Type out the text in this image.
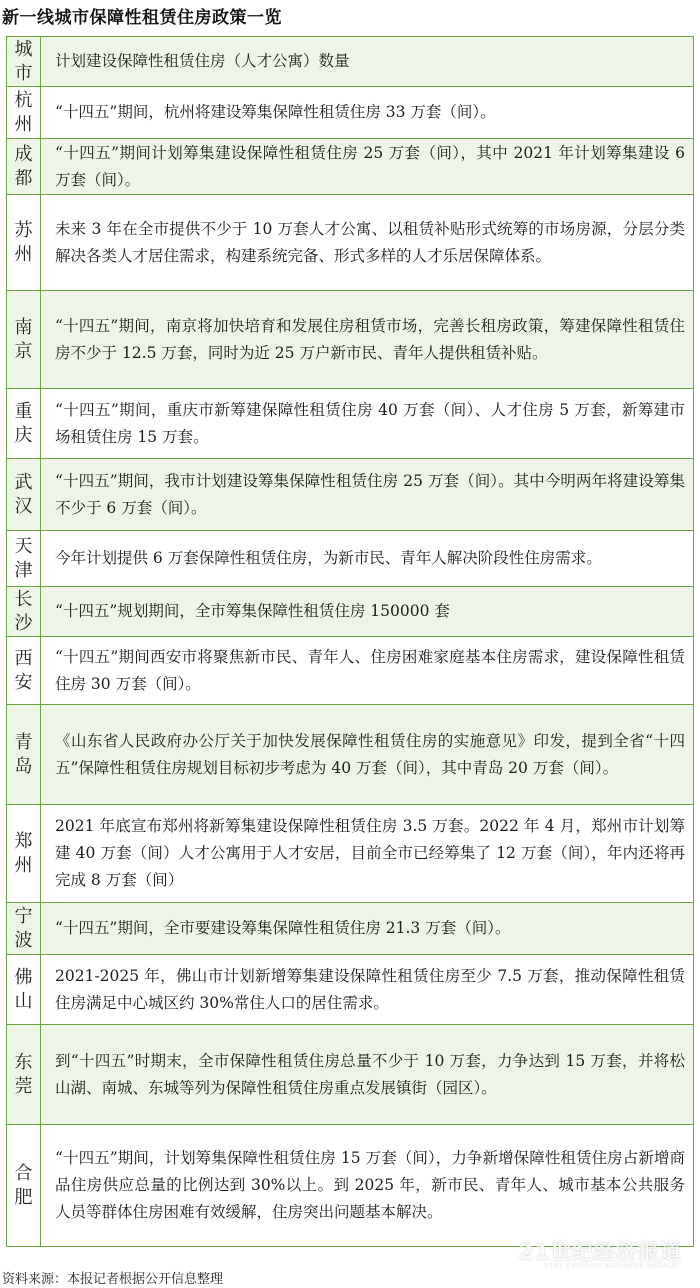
新一线城市保障性租赁住房政策一览
城市	计划建设保障性租赁住房（人才公寓）数量
杭州	“十四五”期间，杭州将建设筹集保障性租赁住房 33 万套（间）。
成都	“十四五”期间计划筹集建设保障性租赁住房 25 万套（间），其中 2021 年计划筹集建设 6 万套（间）。
苏州	未来 3 年在全市提供不少于 10 万套人才公寓、以租赁补贴形式统筹的市场房源，分层分类解决各类人才居住需求，构建系统完备、形式多样的人才乐居保障体系。
南京	“十四五”期间，南京将加快培育和发展住房租赁市场，完善长租房政策，筹建保障性租赁住房不少于 12.5 万套，同时为近 25 万户新市民、青年人提供租赁补贴。
重庆	“十四五”期间，重庆市新筹建保障性租赁住房 40 万套（间）、人才住房 5 万套，新筹建市场租赁住房 15 万套。
武汉	“十四五”期间，我市计划建设筹集保障性租赁住房 25 万套（间）。其中今明两年将建设筹集不少于 6 万套（间）。
天津	今年计划提供 6 万套保障性租赁住房，为新市民、青年人解决阶段性住房需求。
长沙	“十四五”规划期间，全市筹集保障性租赁住房 150000 套
西安	“十四五”期间西安市将聚焦新市民、青年人、住房困难家庭基本住房需求，建设保障性租赁住房 30 万套（间）。
青岛	《山东省人民政府办公厅关于加快发展保障性租赁住房的实施意见》印发，提到全省“十四五”保障性租赁住房规划目标初步考虑为 40 万套（间），其中青岛 20 万套（间）。
郑州	2021 年底宣布郑州将新筹集建设保障性租赁住房 3.5 万套。2022 年 4 月，郑州市计划筹建 40 万套（间）人才公寓用于人才安居，目前全市已经筹集了 12 万套（间），年内还将再完成 8 万套（间）
宁波	“十四五”期间，全市要建设筹集保障性租赁住房 21.3 万套（间）。
佛山	2021-2025 年，佛山市计划新增筹集建设保障性租赁住房至少 7.5 万套，推动保障性租赁住房满足中心城区约 30%常住人口的居住需求。
东莞	到“十四五”时期末，全市保障性租赁住房总量不少于 10 万套，力争达到 15 万套，并将松山湖、南城、东城等列为保障性租赁住房重点发展镇街（园区）。
合肥	“十四五”期间，计划筹集保障性租赁住房 15 万套（间），力争新增保障性租赁住房占新增商品住房供应总量的比例达到 30%以上。到 2025 年，新市民、青年人、城市基本公共服务人员等群体住房困难有效缓解，住房突出问题基本解决。
21世纪经济报道
21ST CENTURY BUSINESS HERALD
资料来源：本报记者根据公开信息整理
